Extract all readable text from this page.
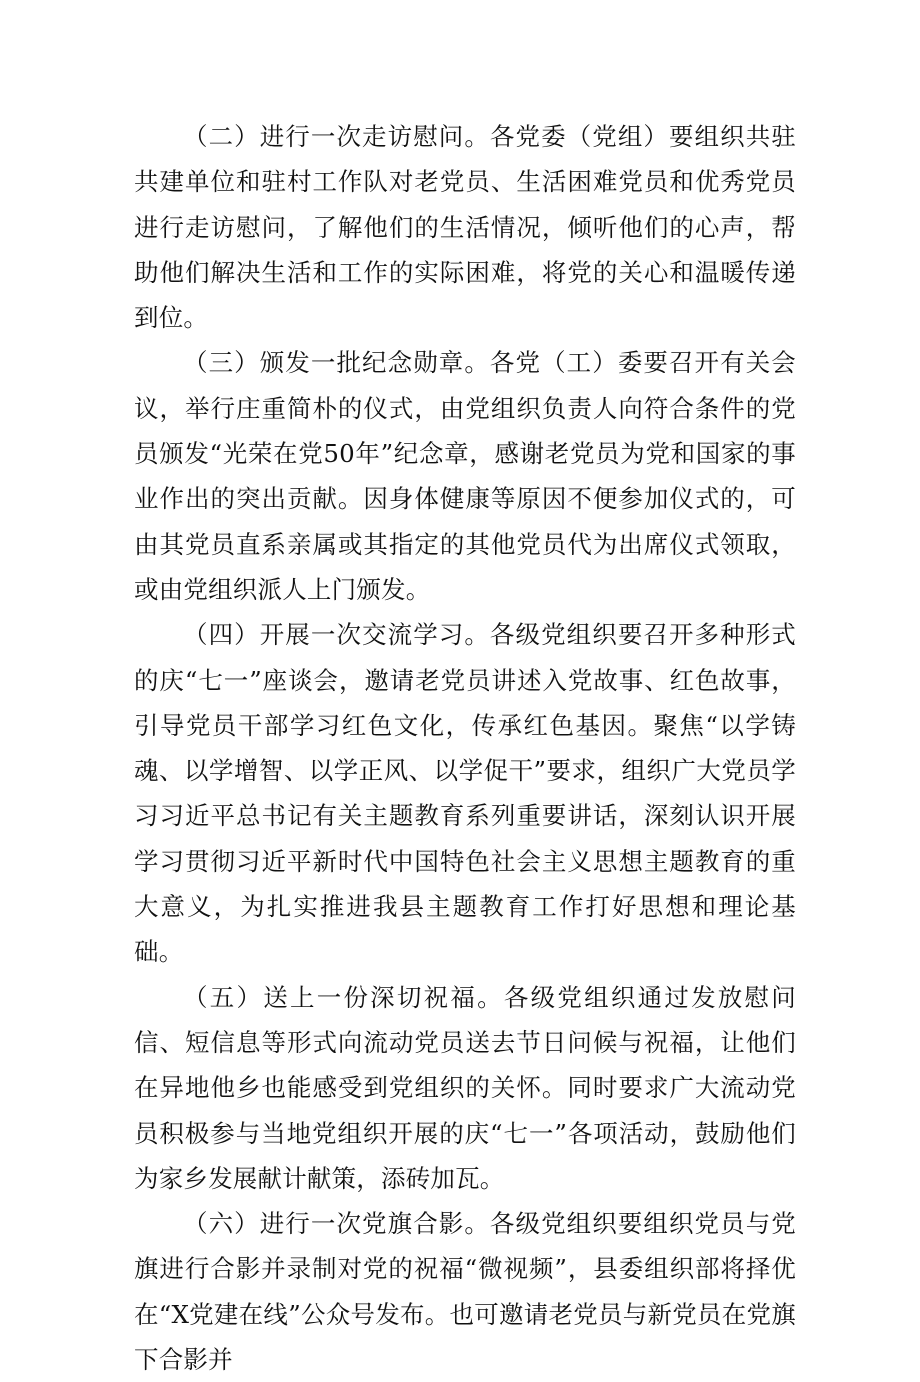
（二）进行一次走访慰问。各党委（党组）要组织共驻共建单位和驻村工作队对老党员、生活困难党员和优秀党员进行走访慰问，了解他们的生活情况，倾听他们的心声，帮助他们解决生活和工作的实际困难，将党的关心和温暖传递到位。

（三）颁发一批纪念勋章。各党（工）委要召开有关会议，举行庄重简朴的仪式，由党组织负责人向符合条件的党员颁发“光荣在党50年”纪念章，感谢老党员为党和国家的事业作出的突出贡献。因身体健康等原因不便参加仪式的，可由其党员直系亲属或其指定的其他党员代为出席仪式领取，或由党组织派人上门颁发。

（四）开展一次交流学习。各级党组织要召开多种形式的庆“七一”座谈会，邀请老党员讲述入党故事、红色故事，引导党员干部学习红色文化，传承红色基因。聚焦“以学铸魂、以学增智、以学正风、以学促干”要求，组织广大党员学习习近平总书记有关主题教育系列重要讲话，深刻认识开展学习贯彻习近平新时代中国特色社会主义思想主题教育的重大意义，为扎实推进我县主题教育工作打好思想和理论基础。

（五）送上一份深切祝福。各级党组织通过发放慰问信、短信息等形式向流动党员送去节日问候与祝福，让他们在异地他乡也能感受到党组织的关怀。同时要求广大流动党员积极参与当地党组织开展的庆“七一”各项活动，鼓励他们为家乡发展献计献策，添砖加瓦。

（六）进行一次党旗合影。各级党组织要组织党员与党旗进行合影并录制对党的祝福“微视频”，县委组织部将择优在“X党建在线”公众号发布。也可邀请老党员与新党员在党旗下合影并
